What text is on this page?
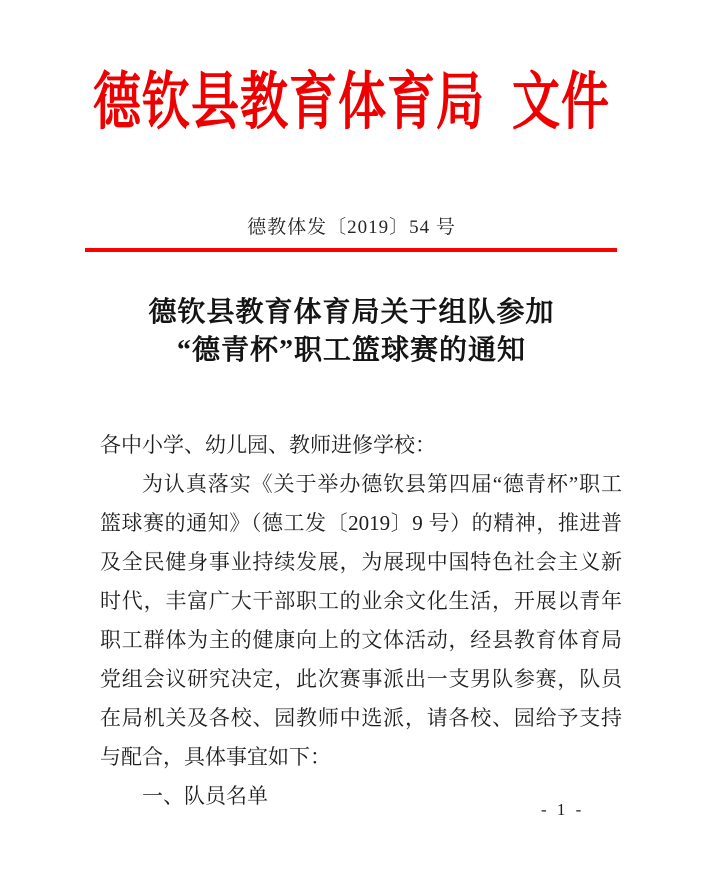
德钦县教育体育局 文件
德教体发〔2019〕54 号
德钦县教育体育局关于组队参加
“德青杯”职工篮球赛的通知

各中小学、幼儿园、教师进修学校：

为认真落实《关于举办德钦县第四届“德青杯”职工篮球赛的通知》（德工发〔2019〕9 号）的精神，推进普及全民健身事业持续发展，为展现中国特色社会主义新时代，丰富广大干部职工的业余文化生活，开展以青年职工群体为主的健康向上的文体活动，经县教育体育局党组会议研究决定，此次赛事派出一支男队参赛，队员在局机关及各校、园教师中选派，请各校、园给予支持与配合，具体事宜如下：

一、队员名单

- 1 -
